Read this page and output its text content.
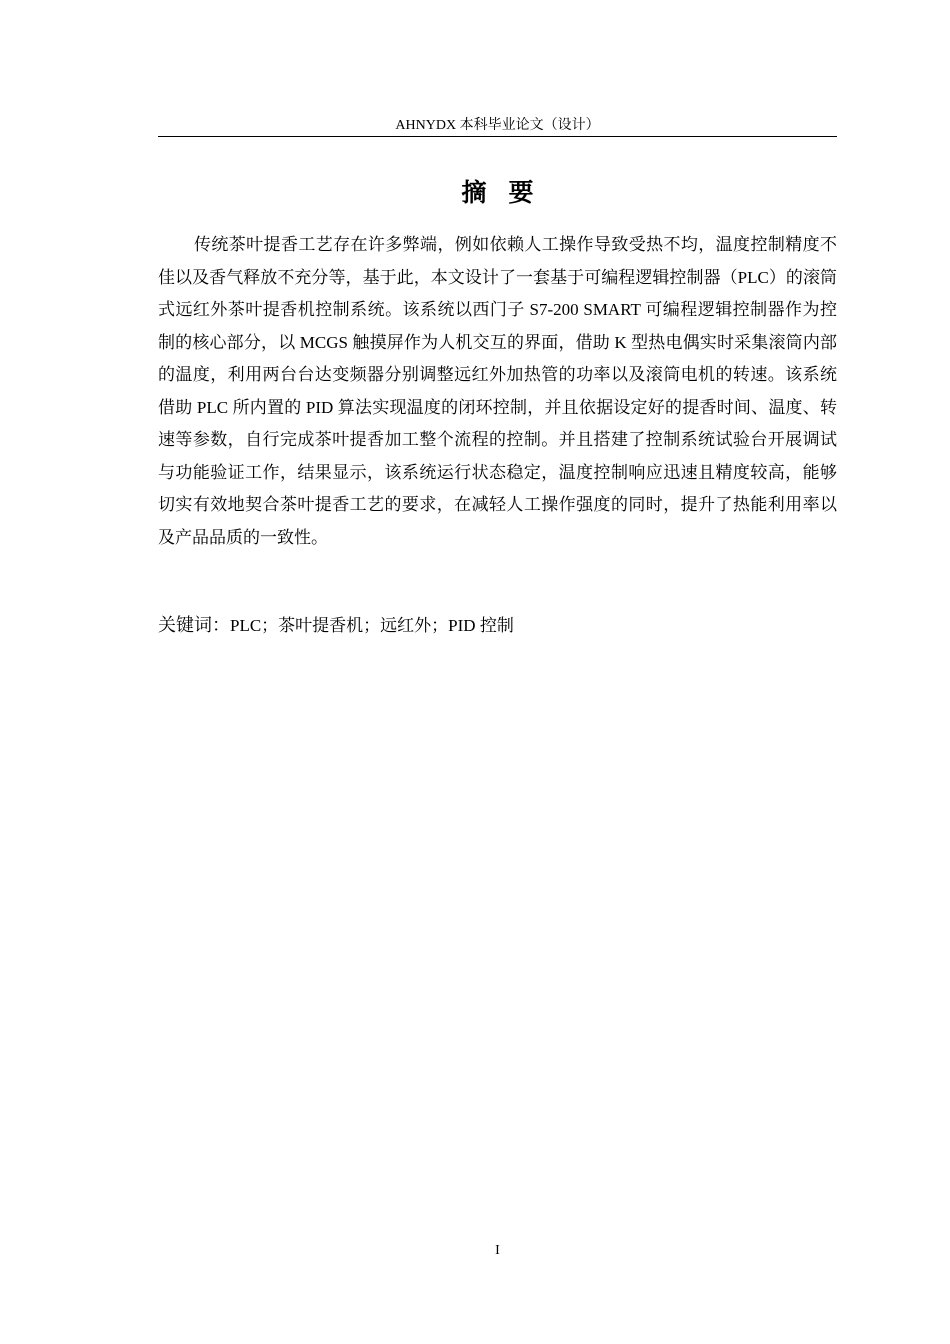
AHNYDX 本科毕业论文（设计）
摘要

传统茶叶提香工艺存在许多弊端，例如依赖人工操作导致受热不均，温度控制精度不佳以及香气释放不充分等，基于此，本文设计了一套基于可编程逻辑控制器（PLC）的滚筒式远红外茶叶提香机控制系统。该系统以西门子 S7-200 SMART 可编程逻辑控制器作为控制的核心部分，以 MCGS 触摸屏作为人机交互的界面，借助 K 型热电偶实时采集滚筒内部的温度，利用两台台达变频器分别调整远红外加热管的功率以及滚筒电机的转速。该系统借助 PLC 所内置的 PID 算法实现温度的闭环控制，并且依据设定好的提香时间、温度、转速等参数，自行完成茶叶提香加工整个流程的控制。并且搭建了控制系统试验台开展调试与功能验证工作，结果显示，该系统运行状态稳定，温度控制响应迅速且精度较高，能够切实有效地契合茶叶提香工艺的要求，在减轻人工操作强度的同时，提升了热能利用率以及产品品质的一致性。

关键词：PLC；茶叶提香机；远红外；PID 控制
I
